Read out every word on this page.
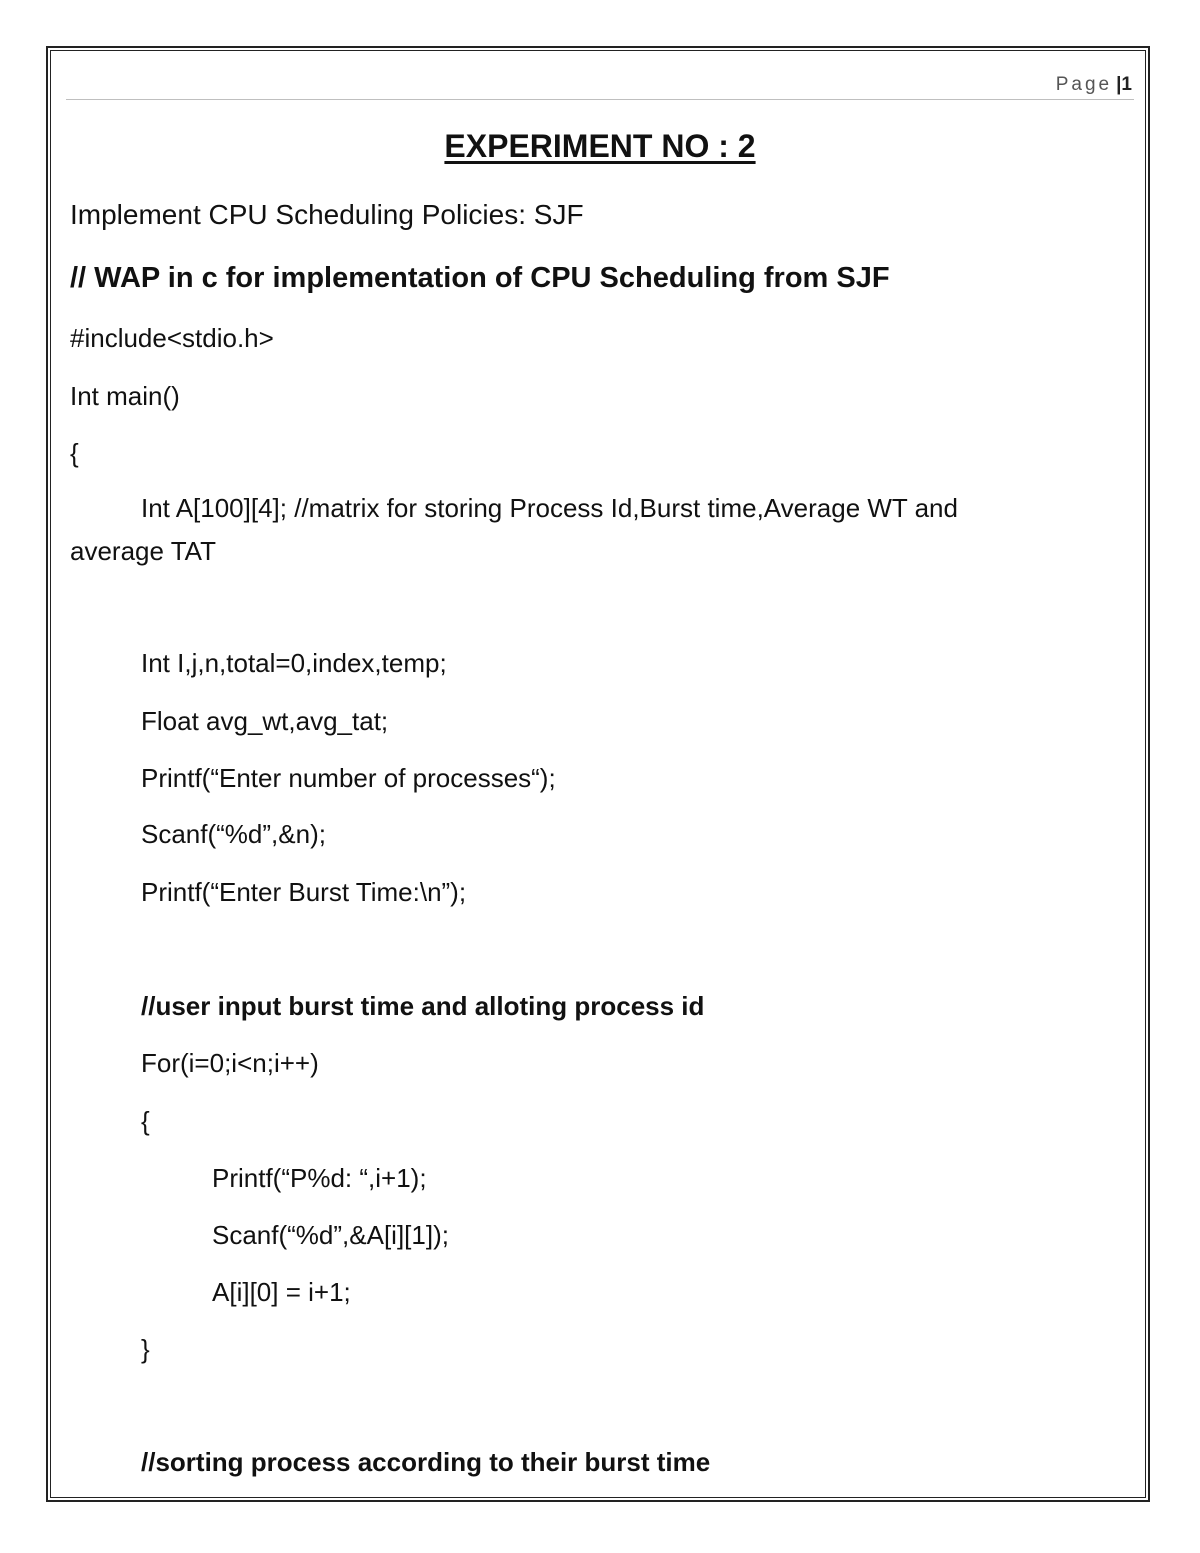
Page |1
EXPERIMENT NO : 2
Implement CPU Scheduling Policies: SJF
// WAP in c for implementation of CPU Scheduling from SJF
#include<stdio.h>
Int main()
{
Int A[100][4]; //matrix for storing Process Id,Burst time,Average WT and
average TAT
Int I,j,n,total=0,index,temp;
Float avg_wt,avg_tat;
Printf(“Enter number of processes“);
Scanf(“%d”,&n);
Printf(“Enter Burst Time:\n”);
//user input burst time and alloting process id
For(i=0;i<n;i++)
{
Printf(“P%d: “,i+1);
Scanf(“%d”,&A[i][1]);
A[i][0] = i+1;
}
//sorting process according to their burst time
